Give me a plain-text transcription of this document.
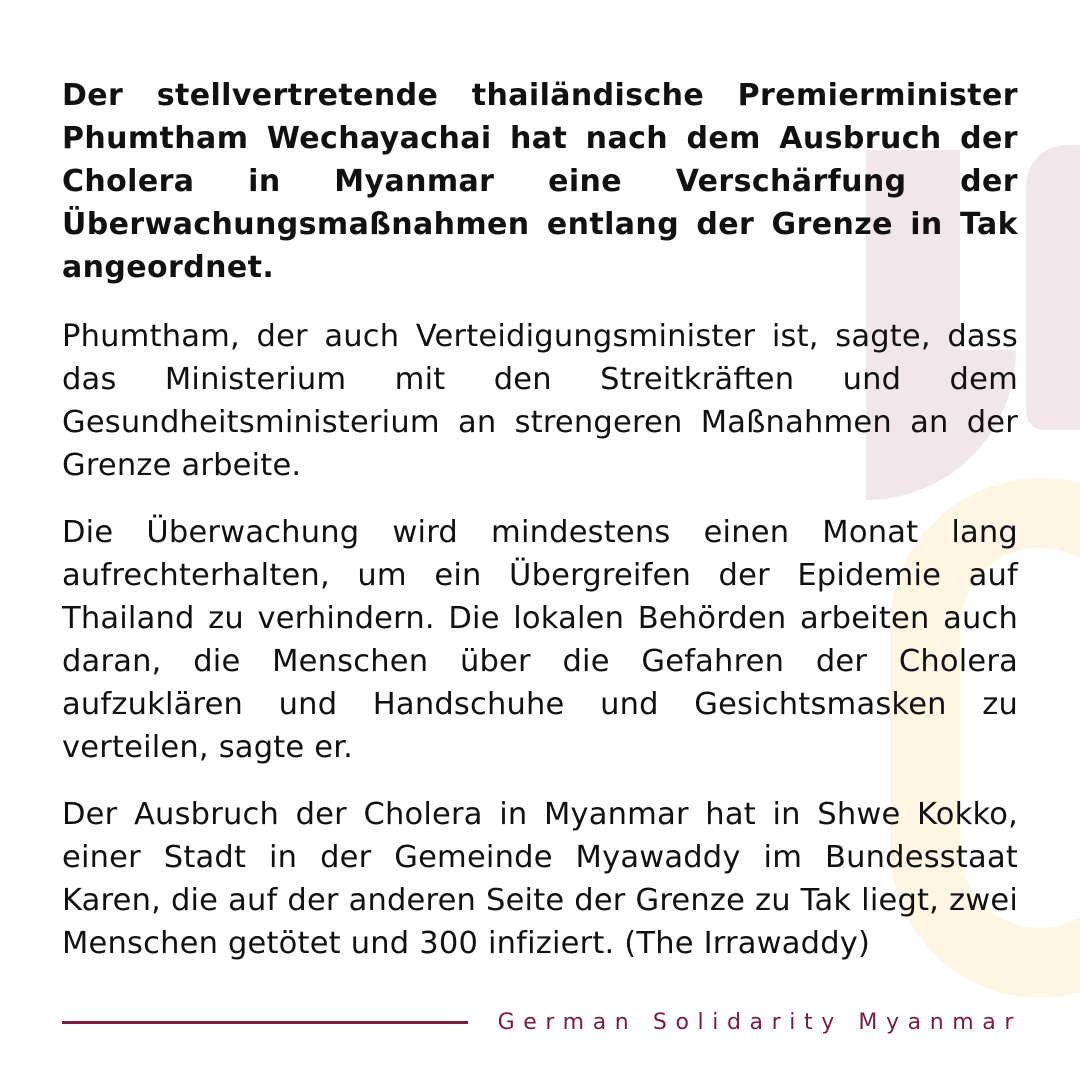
Der stellvertretende thailändische Premierminister Phumtham Wechayachai hat nach dem Ausbruch der Cholera in Myanmar eine Verschärfung der Überwachungsmaßnahmen entlang der Grenze in Tak angeordnet.

Phumtham, der auch Verteidigungsminister ist, sagte, dass das Ministerium mit den Streitkräften und dem Gesundheitsministerium an strengeren Maßnahmen an der Grenze arbeite.

Die Überwachung wird mindestens einen Monat lang aufrechterhalten, um ein Übergreifen der Epidemie auf Thailand zu verhindern. Die lokalen Behörden arbeiten auch daran, die Menschen über die Gefahren der Cholera aufzuklären und Handschuhe und Gesichtsmasken zu verteilen, sagte er.

Der Ausbruch der Cholera in Myanmar hat in Shwe Kokko, einer Stadt in der Gemeinde Myawaddy im Bundesstaat Karen, die auf der anderen Seite der Grenze zu Tak liegt, zwei Menschen getötet und 300 infiziert. (The Irrawaddy)

German Solidarity Myanmar
